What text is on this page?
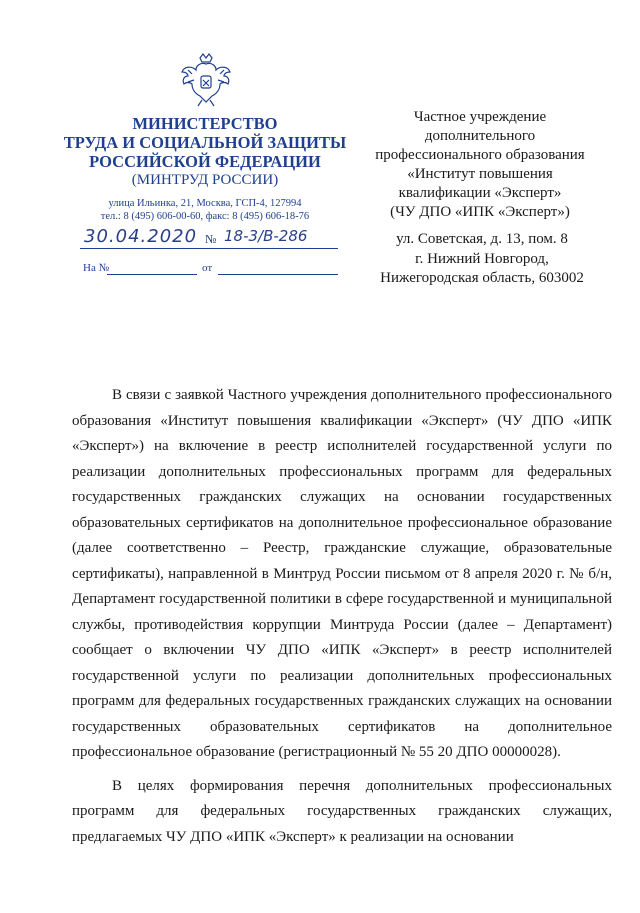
МИНИСТЕРСТВО
ТРУДА И СОЦИАЛЬНОЙ ЗАЩИТЫ
РОССИЙСКОЙ ФЕДЕРАЦИИ
(МИНТРУД РОССИИ)
улица Ильинка, 21, Москва, ГСП-4, 127994
тел.: 8 (495) 606-00-60, факс: 8 (495) 606-18-76
30.04.2020 № 18-3/В-286
На №	от
Частное учреждение
дополнительного
профессионального образования
«Институт повышения
квалификации «Эксперт»
(ЧУ ДПО «ИПК «Эксперт»)
ул. Советская, д. 13, пом. 8
г. Нижний Новгород,
Нижегородская область, 603002

В связи с заявкой Частного учреждения дополнительного профессионального образования «Институт повышения квалификации «Эксперт» (ЧУ ДПО «ИПК «Эксперт») на включение в реестр исполнителей государственной услуги по реализации дополнительных профессиональных программ для федеральных государственных гражданских служащих на основании государственных образовательных сертификатов на дополнительное профессиональное образование (далее соответственно – Реестр, гражданские служащие, образовательные сертификаты), направленной в Минтруд России письмом от 8 апреля 2020 г. № б/н, Департамент государственной политики в сфере государственной и муниципальной службы, противодействия коррупции Минтруда России (далее – Департамент) сообщает о включении ЧУ ДПО «ИПК «Эксперт» в реестр исполнителей государственной услуги по реализации дополнительных профессиональных программ для федеральных государственных гражданских служащих на основании государственных образовательных сертификатов на дополнительное профессиональное образование (регистрационный № 55 20 ДПО 00000028).

В целях формирования перечня дополнительных профессиональных программ для федеральных государственных гражданских служащих, предлагаемых ЧУ ДПО «ИПК «Эксперт» к реализации на основании
